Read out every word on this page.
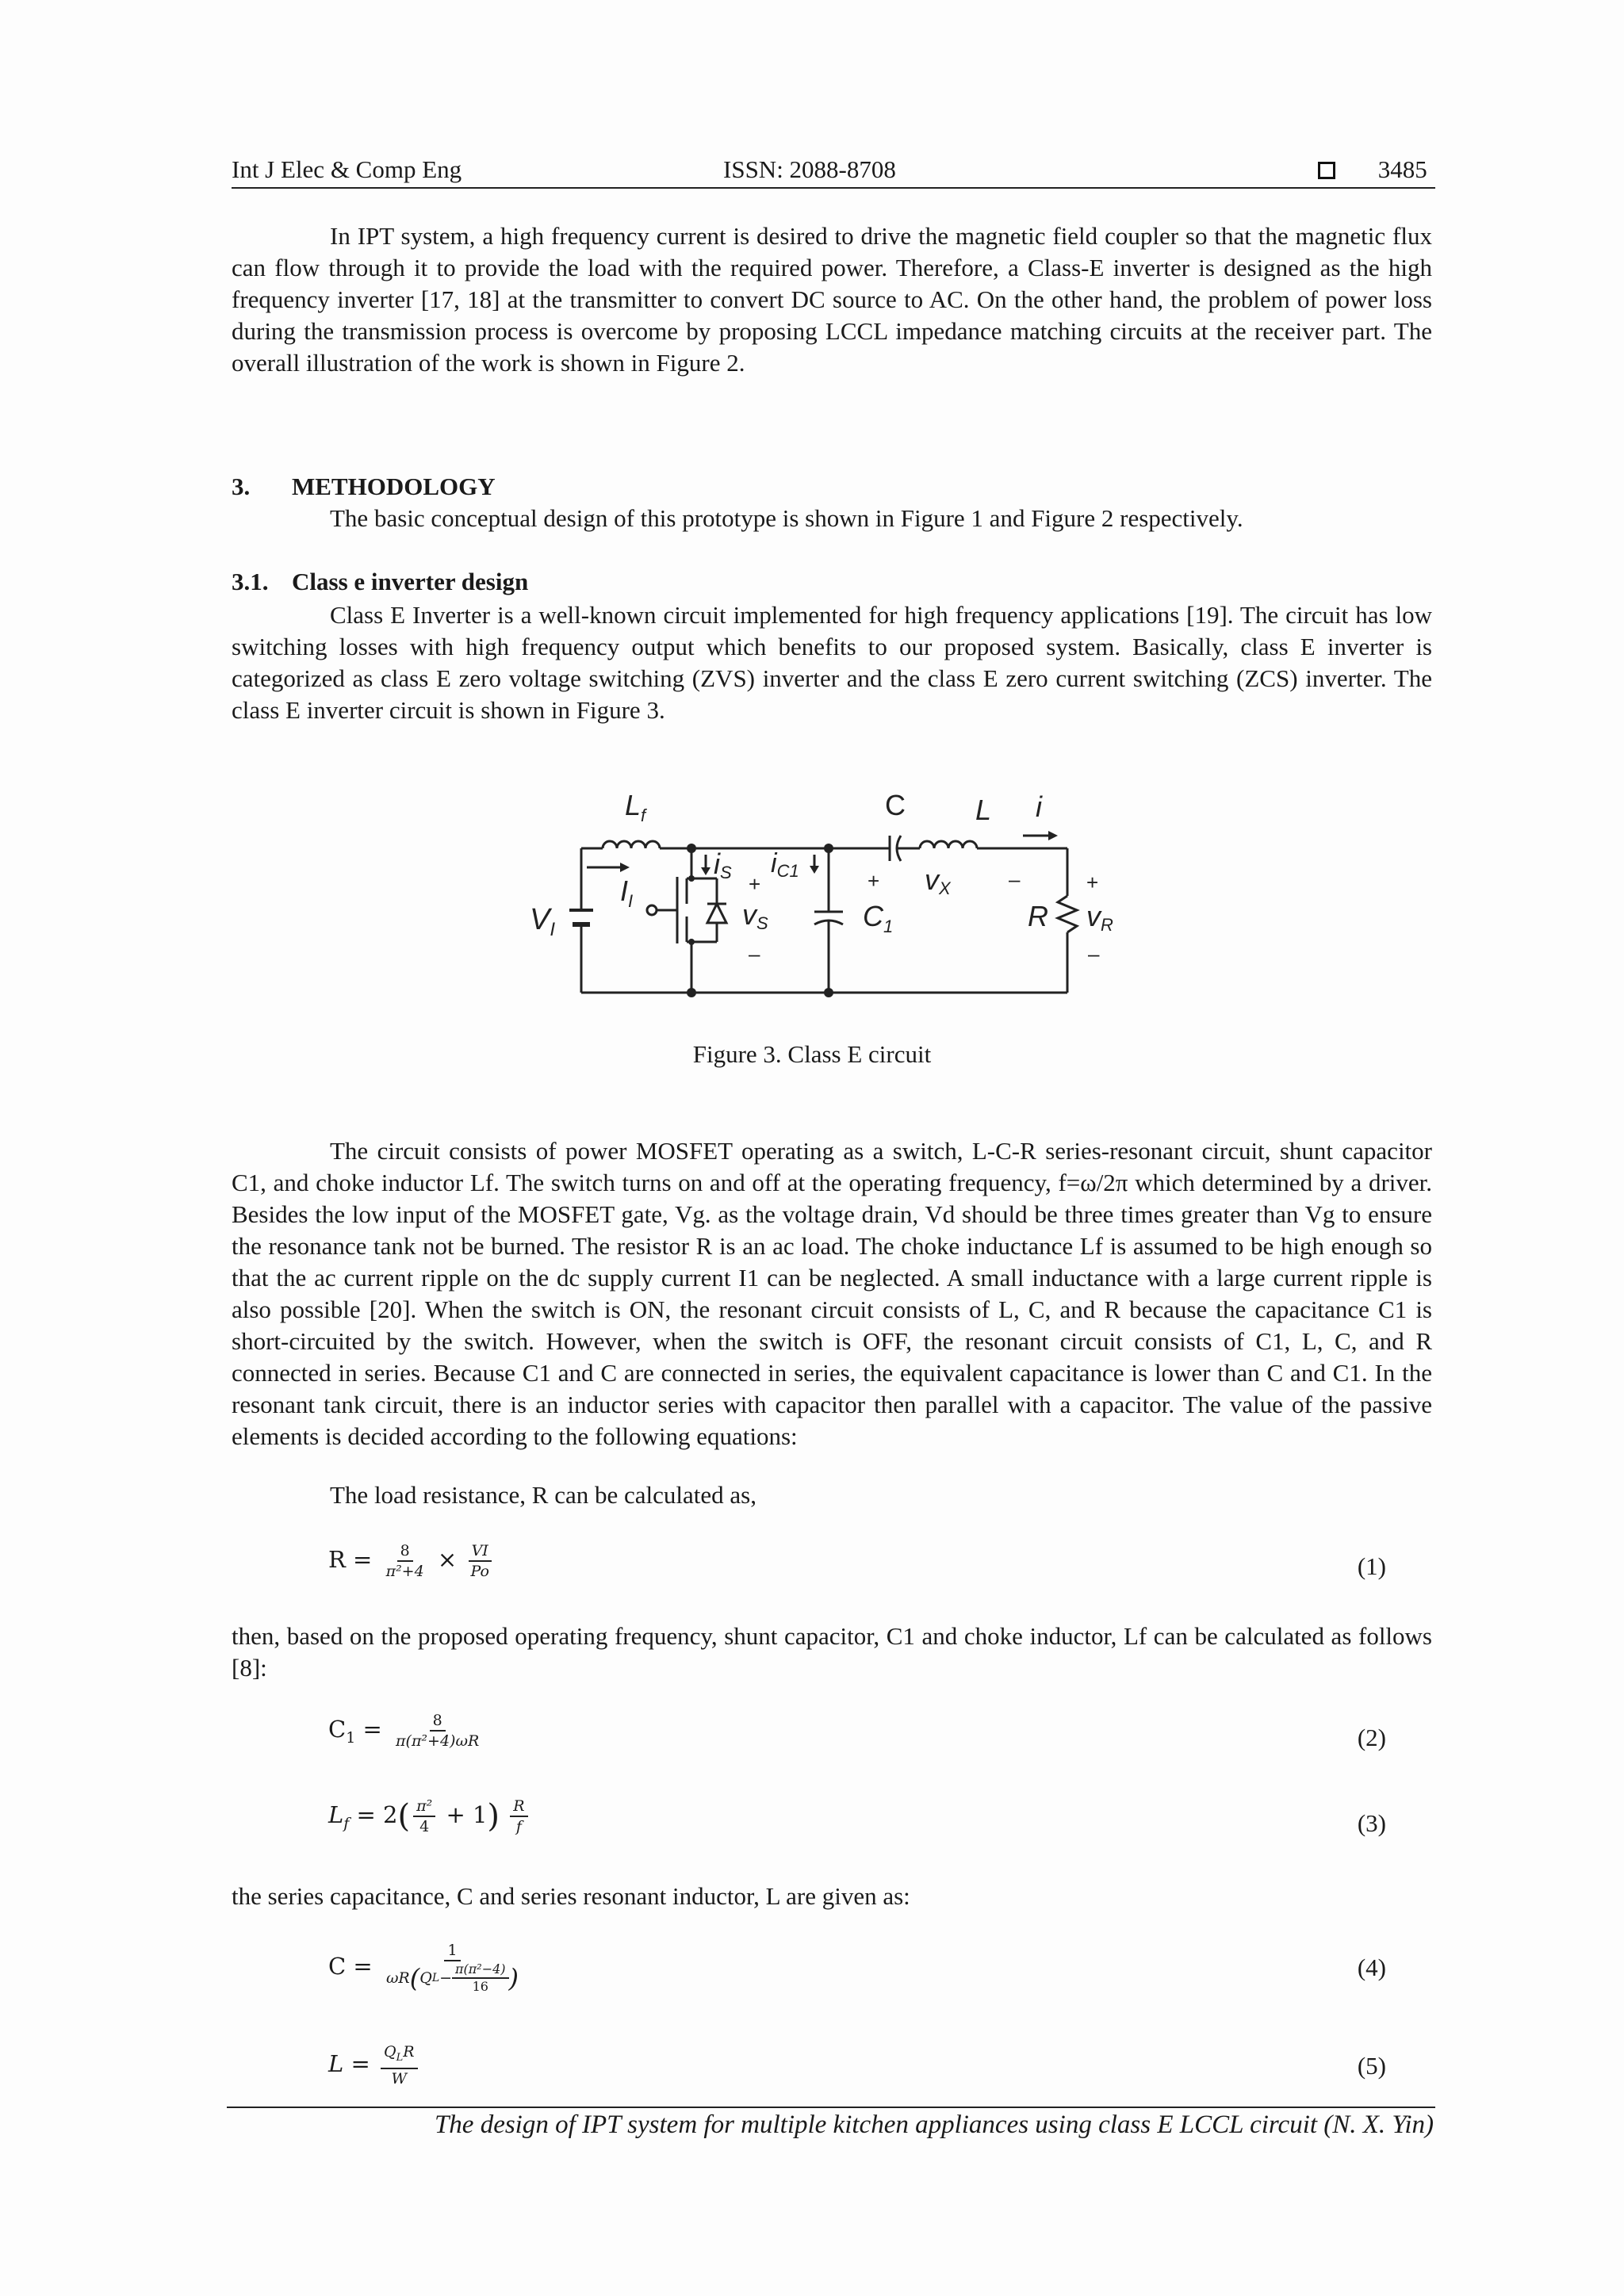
Int J Elec & Comp Eng	ISSN: 2088-8708	3485
In IPT system, a high frequency current is desired to drive the magnetic field coupler so that the magnetic flux can flow through it to provide the load with the required power. Therefore, a Class-E inverter is designed as the high frequency inverter [17, 18] at the transmitter to convert DC source to AC. On the other hand, the problem of power loss during the transmission process is overcome by proposing LCCL impedance matching circuits at the receiver part. The overall illustration of the work is shown in Figure 2.
3. METHODOLOGY
The basic conceptual design of this prototype is shown in Figure 1 and Figure 2 respectively.
3.1. Class e inverter design
Class E Inverter is a well-known circuit implemented for high frequency applications [19]. The circuit has low switching losses with high frequency output which benefits to our proposed system. Basically, class E inverter is categorized as class E zero voltage switching (ZVS) inverter and the class E zero current switching (ZCS) inverter. The class E inverter circuit is shown in Figure 3.
$L_f$	C L i
$I_I$
iS iC1
+
vS
–
+
$C_1$
vX	–
R
+
vR
–
$V_I$
Figure 3. Class E circuit
The circuit consists of power MOSFET operating as a switch, L-C-R series-resonant circuit, shunt capacitor C1, and choke inductor Lf. The switch turns on and off at the operating frequency, f=ω/2π which determined by a driver. Besides the low input of the MOSFET gate, Vg. as the voltage drain, Vd should be three times greater than Vg to ensure the resonance tank not be burned. The resistor R is an ac load. The choke inductance Lf is assumed to be high enough so that the ac current ripple on the dc supply current I1 can be neglected. A small inductance with a large current ripple is also possible [20]. When the switch is ON, the resonant circuit consists of L, C, and R because the capacitance C1 is short-circuited by the switch. However, when the switch is OFF, the resonant circuit consists of C1, L, C, and R connected in series. Because C1 and C are connected in series, the equivalent capacitance is lower than C and C1. In the resonant tank circuit, there is an inductor series with capacitor then parallel with a capacitor. The value of the passive elements is decided according to the following equations:
The load resistance, R can be calculated as,
$R = \frac{8}{\text{π²+4}} \times \frac{VI}{Po}$	(1)
then, based on the proposed operating frequency, shunt capacitor, C1 and choke inductor, Lf can be calculated as follows [8]:
$C_1 = \frac{8}{\text{π(π²+4)ωR}}$	(2)
$L_f = 2( \frac{\text{π²}}{4} + 1) \frac{R}{f}$	(3)
the series capacitance, C and series resonant inductor, L are given as:
$C = \frac{1}{\omega R ( Q L - \frac{\text{π(π²−4)}}{16} )}$	(4)
$L = \frac{Q_LR}{W}$	(5)
The design of IPT system for multiple kitchen appliances using class E LCCL circuit (N. X. Yin)
